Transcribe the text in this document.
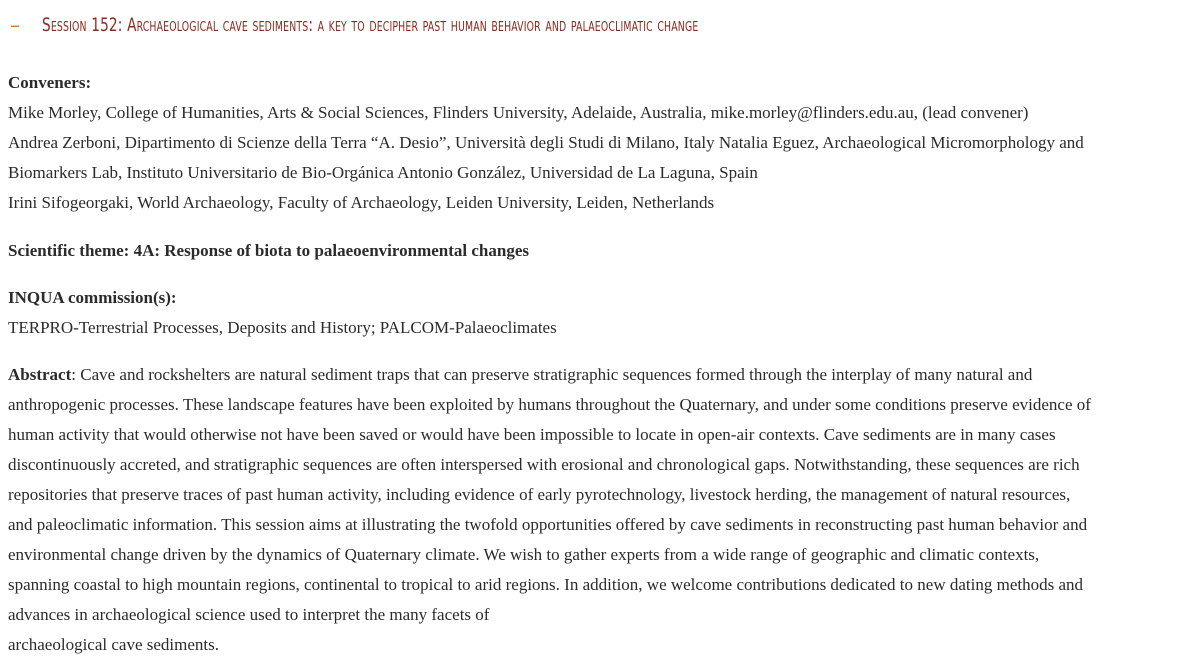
– Session 152: Archaeological cave sediments: a key to decipher past human behavior and palaeoclimatic change
Conveners:
Mike Morley, College of Humanities, Arts & Social Sciences, Flinders University, Adelaide, Australia, mike.morley@flinders.edu.au, (lead convener)
Andrea Zerboni, Dipartimento di Scienze della Terra “A. Desio”, Università degli Studi di Milano, Italy Natalia Eguez, Archaeological Micromorphology and
Biomarkers Lab, Instituto Universitario de Bio-Orgánica Antonio González, Universidad de La Laguna, Spain
Irini Sifogeorgaki, World Archaeology, Faculty of Archaeology, Leiden University, Leiden, Netherlands
Scientific theme: 4A: Response of biota to palaeoenvironmental changes
INQUA commission(s):
TERPRO-Terrestrial Processes, Deposits and History; PALCOM-Palaeoclimates
Abstract: Cave and rockshelters are natural sediment traps that can preserve stratigraphic sequences formed through the interplay of many natural and
anthropogenic processes. These landscape features have been exploited by humans throughout the Quaternary, and under some conditions preserve evidence of
human activity that would otherwise not have been saved or would have been impossible to locate in open-air contexts. Cave sediments are in many cases
discontinuously accreted, and stratigraphic sequences are often interspersed with erosional and chronological gaps. Notwithstanding, these sequences are rich
repositories that preserve traces of past human activity, including evidence of early pyrotechnology, livestock herding, the management of natural resources,
and paleoclimatic information. This session aims at illustrating the twofold opportunities offered by cave sediments in reconstructing past human behavior and
environmental change driven by the dynamics of Quaternary climate. We wish to gather experts from a wide range of geographic and climatic contexts,
spanning coastal to high mountain regions, continental to tropical to arid regions. In addition, we welcome contributions dedicated to new dating methods and
advances in archaeological science used to interpret the many facets of
archaeological cave sediments.
